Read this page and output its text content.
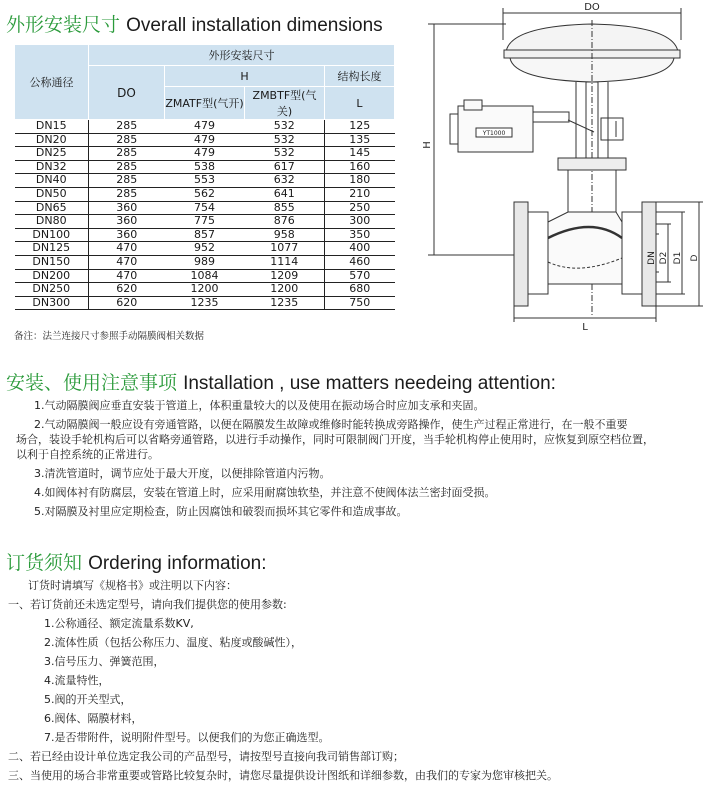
外形安装尺寸 Overall installation dimensions
公称通径	外形安装尺寸			
	DO	H		结构长度
		ZMATF型(气开)	ZMBTF型(气关)	L
DN15	285	479	532	125
DN20	285	479	532	135
DN25	285	479	532	145
DN32	285	538	617	160
DN40	285	553	632	180
DN50	285	562	641	210
DN65	360	754	855	250
DN80	360	775	876	300
DN100	360	857	958	350
DN125	470	952	1077	400
DN150	470	989	1114	460
DN200	470	1084	1209	570
DN250	620	1200	1200	680
DN300	620	1235	1235	750
备注：法兰连接尺寸参照手动隔膜阀相关数据
DO
H
L
DN D2 D1 D
YT1000
安装、使用注意事项 Installation , use matters needeing attention:
1.气动隔膜阀应垂直安装于管道上，体积重量较大的以及使用在振动场合时应加支承和夹固。
2.气动隔膜阀一般应设有旁通管路，以便在隔膜发生故障或维修时能转换成旁路操作，使生产过程正常进行，在一般不重要
场合，装设手轮机构后可以省略旁通管路，以进行手动操作，同时可限制阀门开度，当手轮机构停止使用时，应恢复到原空档位置，
以利于自控系统的正常进行。
3.清洗管道时，调节应处于最大开度，以便排除管道内污物。
4.如阀体衬有防腐层，安装在管道上时，应采用耐腐蚀软垫，并注意不使阀体法兰密封面受损。
5.对隔膜及衬里应定期检查，防止因腐蚀和破裂而损坏其它零件和造成事故。
订货须知 Ordering information:
订货时请填写《规格书》或注明以下内容：
一、若订货前还未选定型号，请向我们提供您的使用参数:
1.公称通径、额定流量系数KV,
2.流体性质（包括公称压力、温度、粘度或酸碱性），
3.信号压力、弹簧范围，
4.流量特性，
5.阀的开关型式，
6.阀体、隔膜材料，
7.是否带附件，说明附件型号。以便我们的为您正确选型。
二、若已经由设计单位选定我公司的产品型号，请按型号直接向我司销售部订购；
三、当使用的场合非常重要或管路比较复杂时，请您尽量提供设计图纸和详细参数，由我们的专家为您审核把关。
